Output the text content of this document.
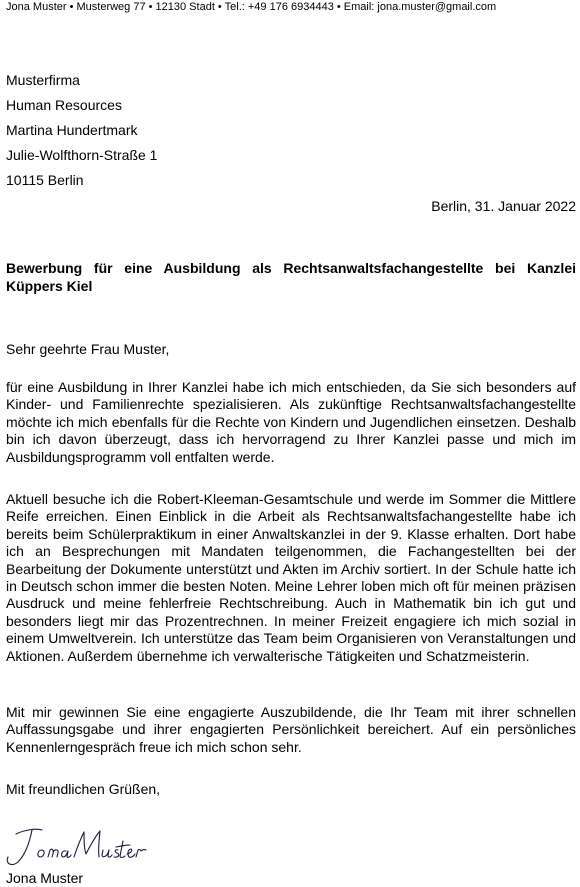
Jona Muster • Musterweg 77 • 12130 Stadt • Tel.: +49 176 6934443 • Email: jona.muster@gmail.com
Musterfirma
Human Resources
Martina Hundertmark
Julie-Wolfthorn-Straße 1
10115 Berlin
Berlin, 31. Januar 2022
Bewerbung für eine Ausbildung als Rechtsanwaltsfachangestellte bei Kanzlei Küppers Kiel
Sehr geehrte Frau Muster,

für eine Ausbildung in Ihrer Kanzlei habe ich mich entschieden, da Sie sich besonders auf Kinder- und Familienrechte spezialisieren. Als zukünftige Rechtsanwaltsfachangestellte möchte ich mich ebenfalls für die Rechte von Kindern und Jugendlichen einsetzen. Deshalb bin ich davon überzeugt, dass ich hervorragend zu Ihrer Kanzlei passe und mich im Ausbildungsprogramm voll entfalten werde.

Aktuell besuche ich die Robert-Kleeman-Gesamtschule und werde im Sommer die Mittlere Reife erreichen. Einen Einblick in die Arbeit als Rechtsanwaltsfachangestellte habe ich bereits beim Schülerpraktikum in einer Anwaltskanzlei in der 9. Klasse erhalten. Dort habe ich an Besprechungen mit Mandaten teilgenommen, die Fachangestellten bei der Bearbeitung der Dokumente unterstützt und Akten im Archiv sortiert. In der Schule hatte ich in Deutsch schon immer die besten Noten. Meine Lehrer loben mich oft für meinen präzisen Ausdruck und meine fehlerfreie Rechtschreibung. Auch in Mathematik bin ich gut und besonders liegt mir das Prozentrechnen. In meiner Freizeit engagiere ich mich sozial in einem Umweltverein. Ich unterstütze das Team beim Organisieren von Veranstaltungen und Aktionen. Außerdem übernehme ich verwalterische Tätigkeiten und Schatzmeisterin.

Mit mir gewinnen Sie eine engagierte Auszubildende, die Ihr Team mit ihrer schnellen Auffassungsgabe und ihrer engagierten Persönlichkeit bereichert. Auf ein persönliches Kennenlerngespräch freue ich mich schon sehr.

Mit freundlichen Grüßen,
Jona Muster
